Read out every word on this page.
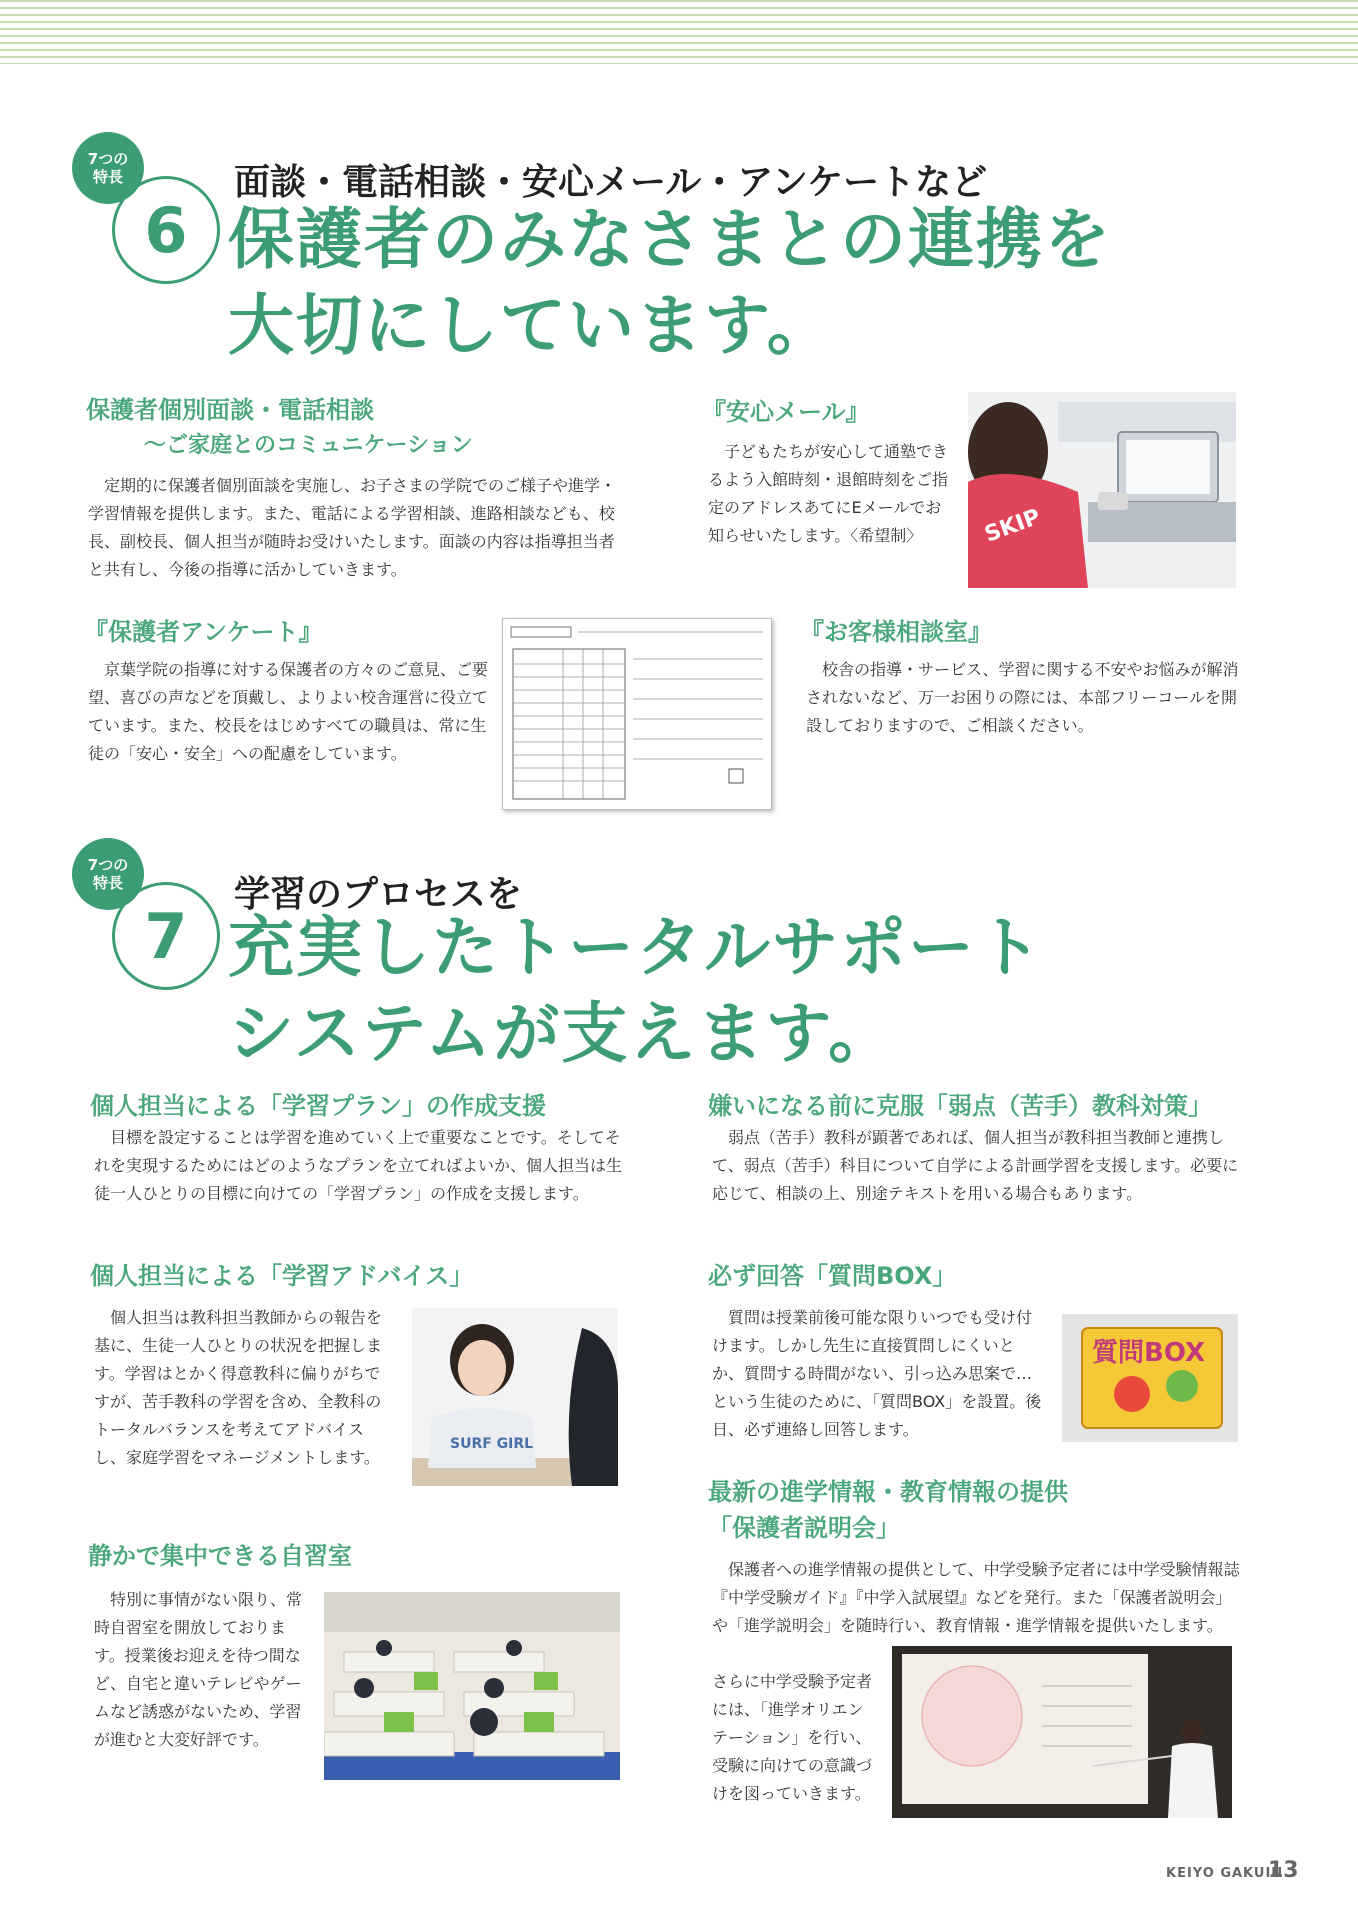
6
7つの
特長	面談・電話相談・安心メール・アンケートなど
保護者のみなさまとの連携を
大切にしています。
保護者個別面談・電話相談
～ご家庭とのコミュニケーション
定期的に保護者個別面談を実施し、お子さまの学院でのご様子や進学・学習情報を提供します。また、電話による学習相談、進路相談なども、校長、副校長、個人担当が随時お受けいたします。面談の内容は指導担当者と共有し、今後の指導に活かしていきます。
『安心メール』
子どもたちが安心して通塾できるよう入館時刻・退館時刻をご指定のアドレスあてにEメールでお知らせいたします。〈希望制〉	SKIP
『保護者アンケート』
京葉学院の指導に対する保護者の方々のご意見、ご要望、喜びの声などを頂戴し、よりよい校舎運営に役立てています。また、校長をはじめすべての職員は、常に生徒の「安心・安全」への配慮をしています。
『お客様相談室』
校舎の指導・サービス、学習に関する不安やお悩みが解消されないなど、万一お困りの際には、本部フリーコールを開設しておりますので、ご相談ください。
7
7つの
特長	学習のプロセスを
充実したトータルサポート
システムが支えます。
個人担当による「学習プラン」の作成支援
目標を設定することは学習を進めていく上で重要なことです。そしてそれを実現するためにはどのようなプランを立てればよいか、個人担当は生徒一人ひとりの目標に向けての「学習プラン」の作成を支援します。
嫌いになる前に克服「弱点（苦手）教科対策」
弱点（苦手）教科が顕著であれば、個人担当が教科担当教師と連携して、弱点（苦手）科目について自学による計画学習を支援します。必要に応じて、相談の上、別途テキストを用いる場合もあります。
個人担当による「学習アドバイス」
個人担当は教科担当教師からの報告を基に、生徒一人ひとりの状況を把握します。学習はとかく得意教科に偏りがちですが、苦手教科の学習を含め、全教科のトータルバランスを考えてアドバイスし、家庭学習をマネージメントします。
SURF GIRL
必ず回答「質問BOX」
質問は授業前後可能な限りいつでも受け付けます。しかし先生に直接質問しにくいとか、質問する時間がない、引っ込み思案で…という生徒のために、「質問BOX」を設置。後日、必ず連絡し回答します。
質問BOX
静かで集中できる自習室
特別に事情がない限り、常時自習室を開放しております。授業後お迎えを待つ間など、自宅と違いテレビやゲームなど誘惑がないため、学習が進むと大変好評です。
最新の進学情報・教育情報の提供
「保護者説明会」
保護者への進学情報の提供として、中学受験予定者には中学受験情報誌『中学受験ガイド』『中学入試展望』などを発行。また「保護者説明会」や「進学説明会」を随時行い、教育情報・進学情報を提供いたします。
さらに中学受験予定者には、「進学オリエンテーション」を行い、受験に向けての意識づけを図っていきます。
KEIYO GAKUIN
13
